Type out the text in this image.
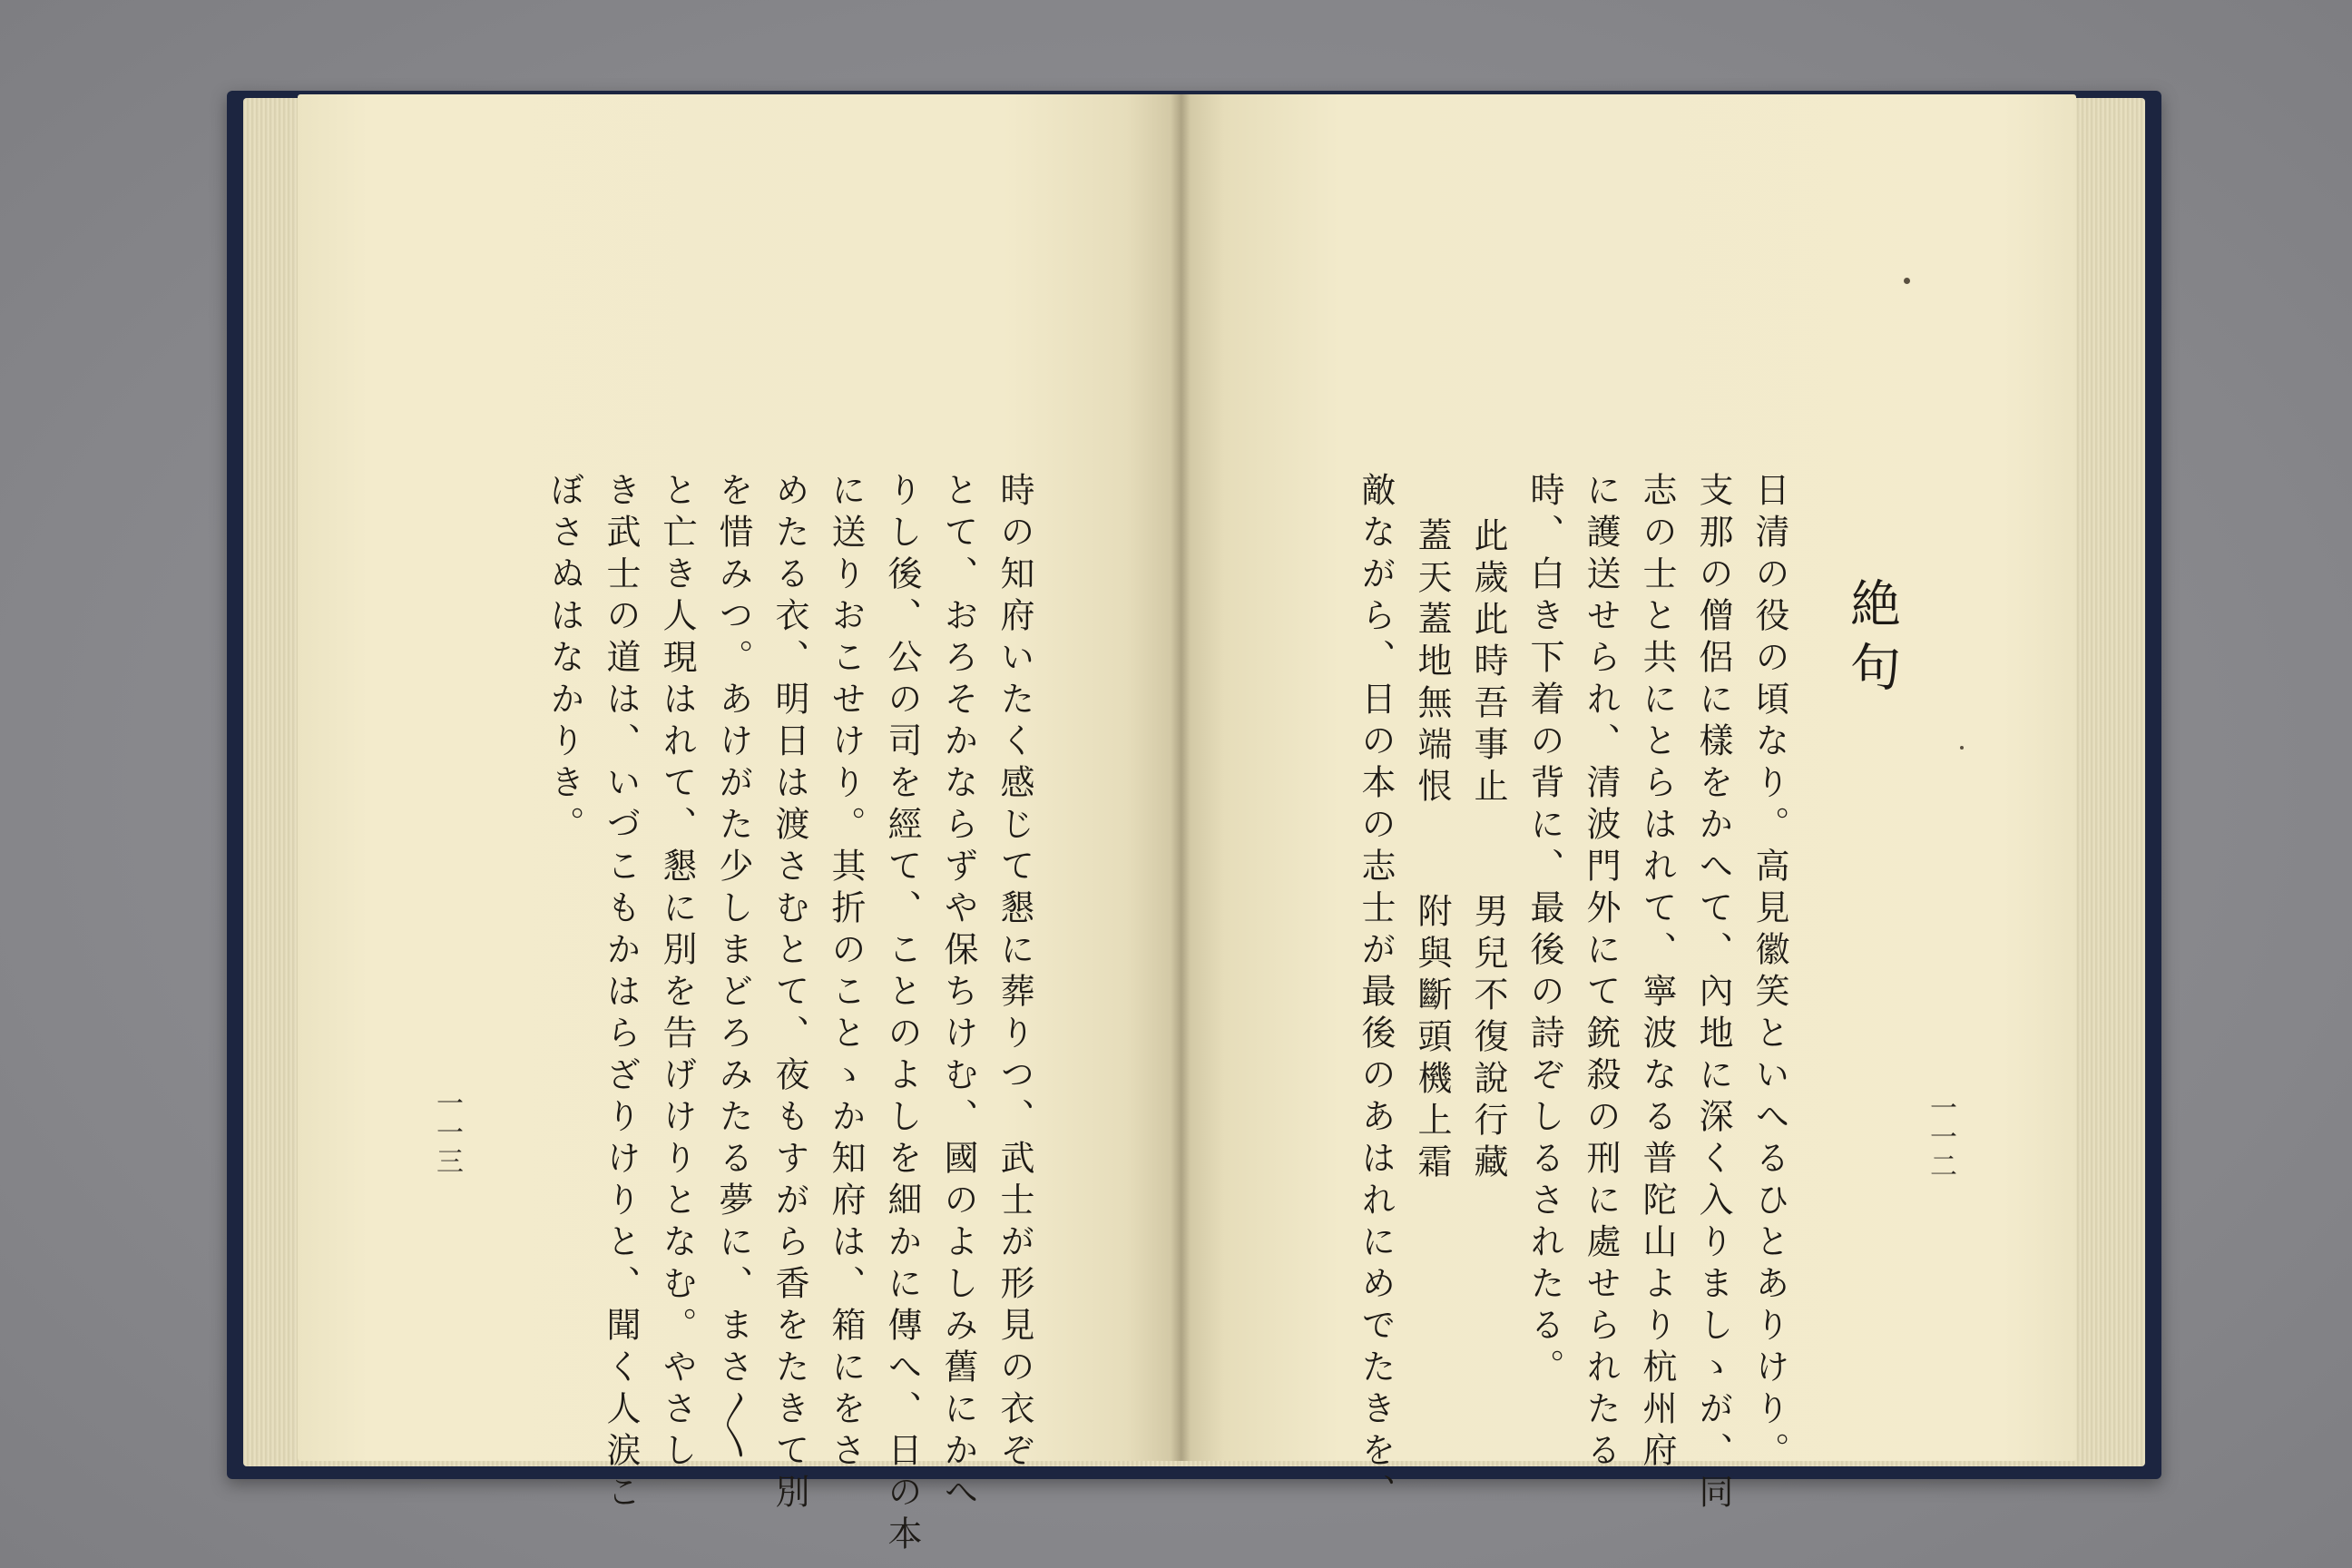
絶句
日清の役の頃なり。高見徽笑といへるひとありけり。
支那の僧侶に樣をかへて、內地に深く入りましゝが、同
志の士と共にとらはれて、寧波なる普陀山より杭州府
に護送せられ、清波門外にて銃殺の刑に處せられたる
時、白き下着の背に、最後の詩ぞしるされたる。
此歲此時吾事止　　男兒不復說行藏
蓋天蓋地無端恨　　附與斷頭機上霜
敵ながら、日の本の志士が最後のあはれにめでたきを、	一一二
時の知府いたく感じて懇に葬りつ、武士が形見の衣ぞ
とて、おろそかならずや保ちけむ、國のよしみ舊にかへ
りし後、公の司を經て、ことのよしを細かに傳へ、日の本
に送りおこせけり。其折のことゝか知府は、箱にをさ
めたる衣、明日は渡さむとて、夜もすがら香をたきて別
を惜みつ。あけがた少しまどろみたる夢に、まさ〳〵
と亡き人現はれて、懇に別を告げけりとなむ。やさし
き武士の道は、いづこもかはらざりけりと、聞く人涙こ
ぼさぬはなかりき。
一一三
